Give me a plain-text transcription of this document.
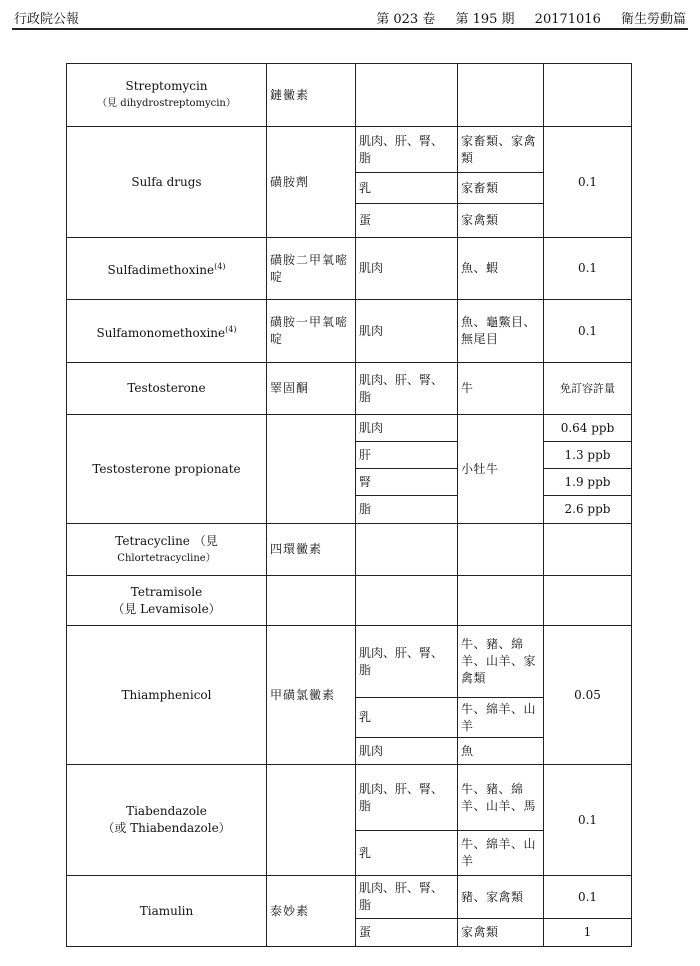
行政院公報	第 023 卷 第 195 期 20171016 衛生勞動篇
Streptomycin
（見 dihydrostreptomycin）	鏈黴素			
Sulfa drugs	磺胺劑	肌肉、肝、腎、脂	家畜類、家禽類	0.1
		乳	家畜類	
		蛋	家禽類	
Sulfadimethoxine$^{(4)}$	磺胺二甲氧嘧啶	肌肉	魚、蝦	0.1
Sulfamonomethoxine$^{(4)}$	磺胺一甲氧嘧啶	肌肉	魚、龜鱉目、無尾目	0.1
Testosterone	睪固酮	肌肉、肝、腎、脂	牛	免訂容許量
Testosterone propionate		肌肉	小牡牛	0.64 ppb
		肝		1.3 ppb
		腎		1.9 ppb
		脂		2.6 ppb

Tetracycline （見
Chlortetracycline）	四環黴素			

Tetramisole
（見 Levamisole）				

Thiamphenicol	甲磺氯黴素	肌肉、肝、腎、脂	牛、豬、綿羊、山羊、家禽類	0.05
		乳	牛、綿羊、山羊	
		肌肉	魚	

Tiabendazole
（或 Thiabendazole）		肌肉、肝、腎、脂	牛、豬、綿羊、山羊、馬	0.1
		乳	牛、綿羊、山羊	
Tiamulin	泰妙素	肌肉、肝、腎、脂	豬、家禽類	0.1
		蛋	家禽類	1
